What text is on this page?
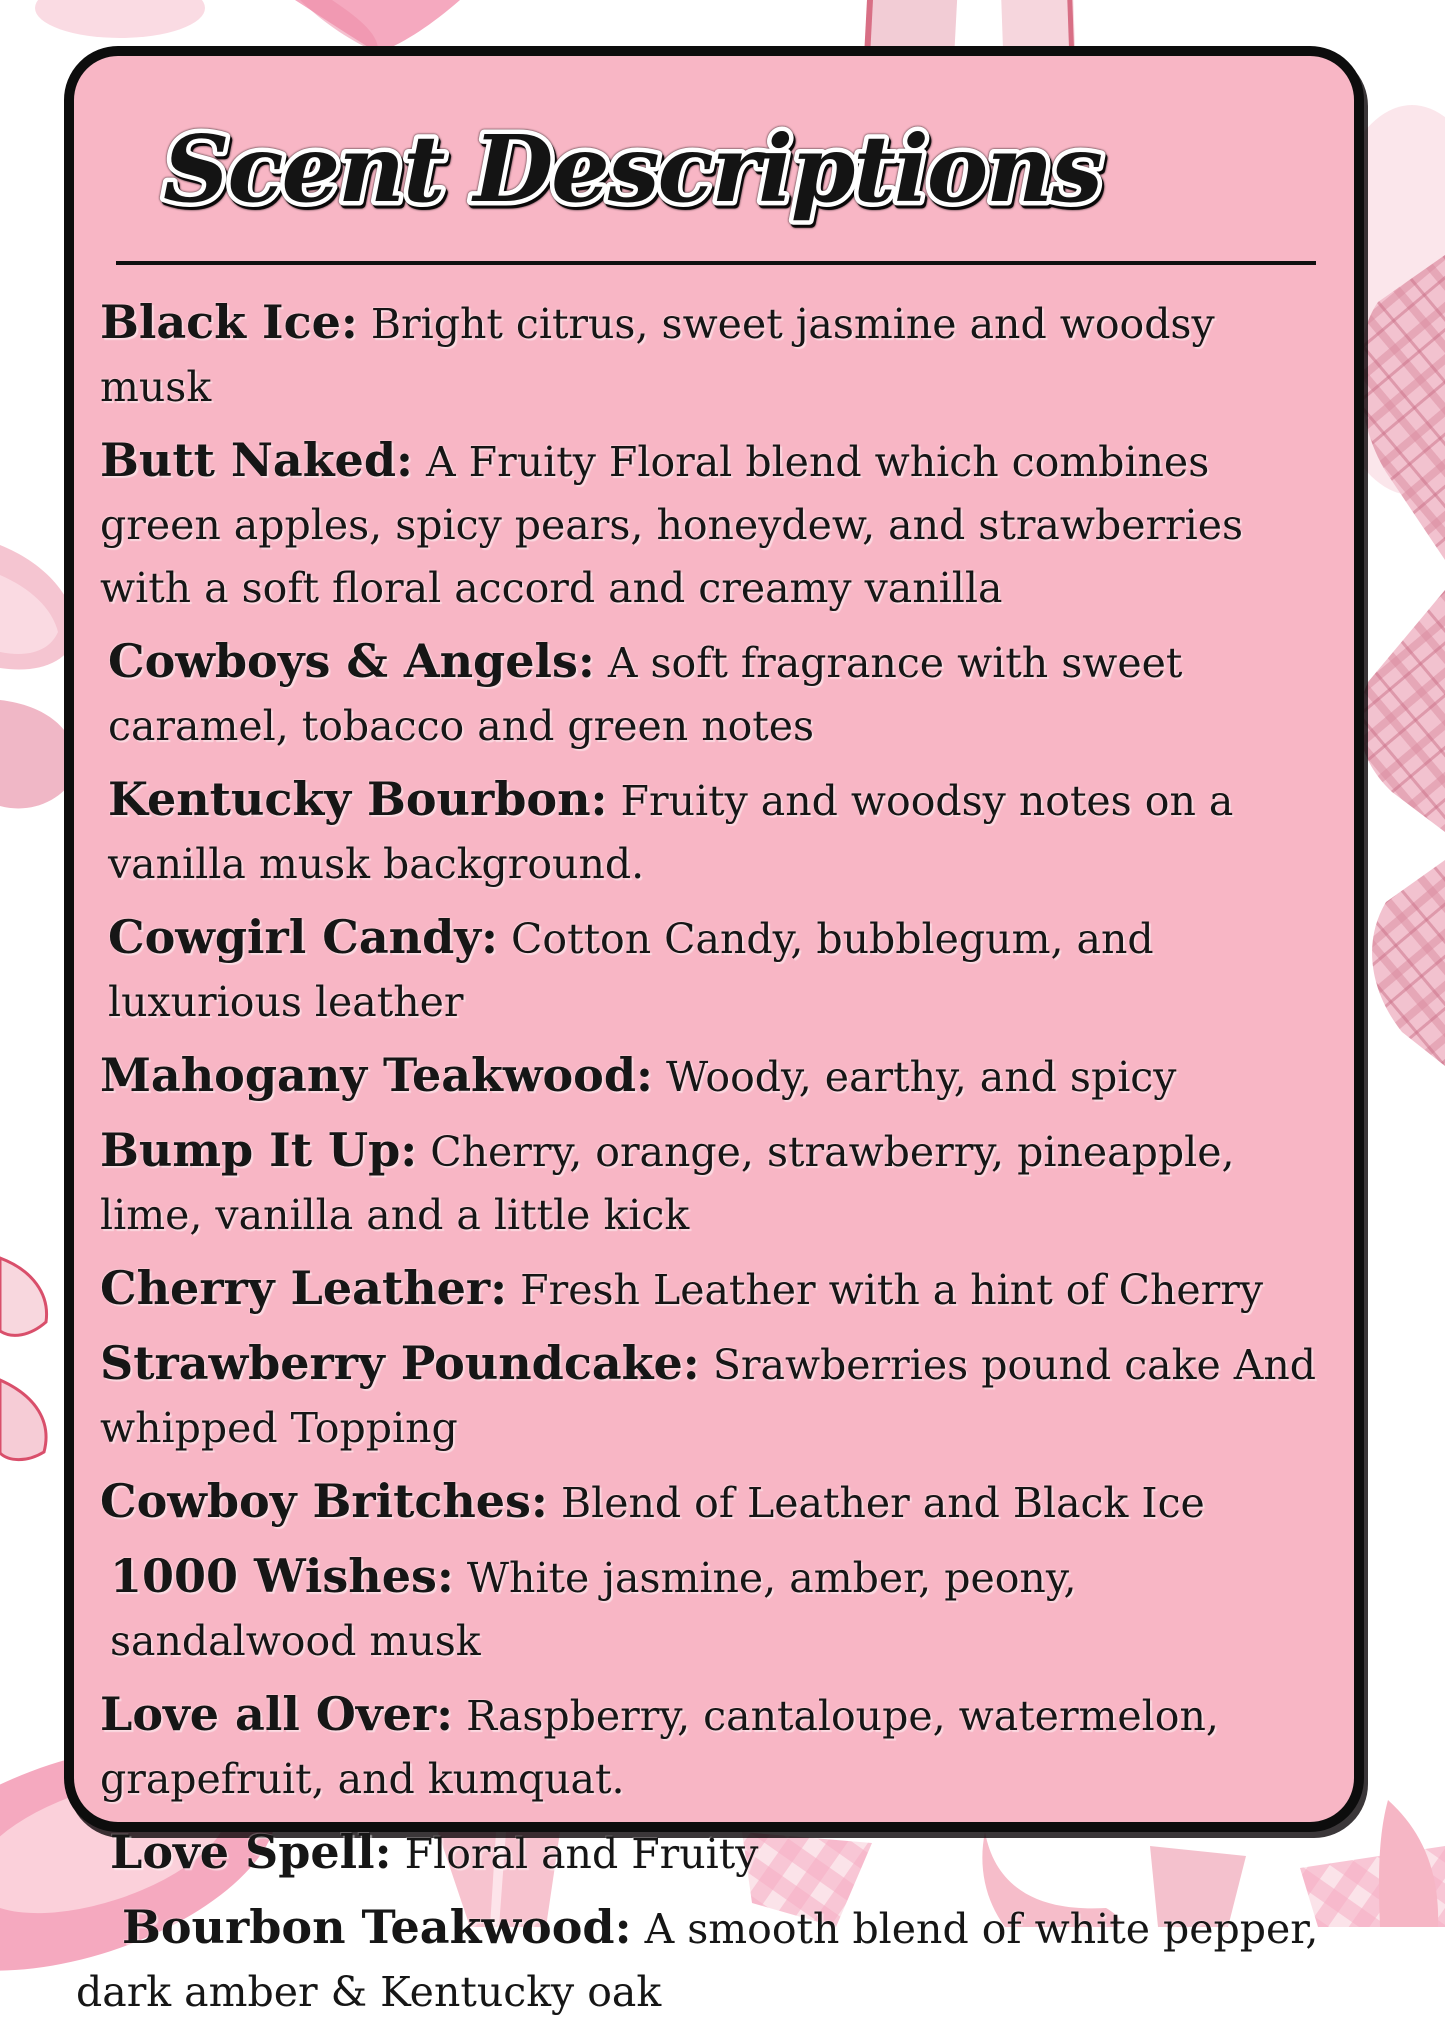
Scent Descriptions
Black Ice: Bright citrus, sweet jasmine and woodsy musk
Butt Naked: A Fruity Floral blend which combines green apples, spicy pears, honeydew, and strawberries with a soft floral accord and creamy vanilla
Cowboys & Angels: A soft fragrance with sweet caramel, tobacco and green notes
Kentucky Bourbon: Fruity and woodsy notes on a vanilla musk background.
Cowgirl Candy: Cotton Candy, bubblegum, and luxurious leather
Mahogany Teakwood: Woody, earthy, and spicy
Bump It Up: Cherry, orange, strawberry, pineapple, lime, vanilla and a little kick
Cherry Leather: Fresh Leather with a hint of Cherry
Strawberry Poundcake: Srawberries pound cake And whipped Topping
Cowboy Britches: Blend of Leather and Black Ice
1000 Wishes: White jasmine, amber, peony, sandalwood musk
Love all Over: Raspberry, cantaloupe, watermelon, grapefruit, and kumquat.
Love Spell: Floral and Fruity
Bourbon Teakwood: A smooth blend of white pepper, dark amber & Kentucky oak
